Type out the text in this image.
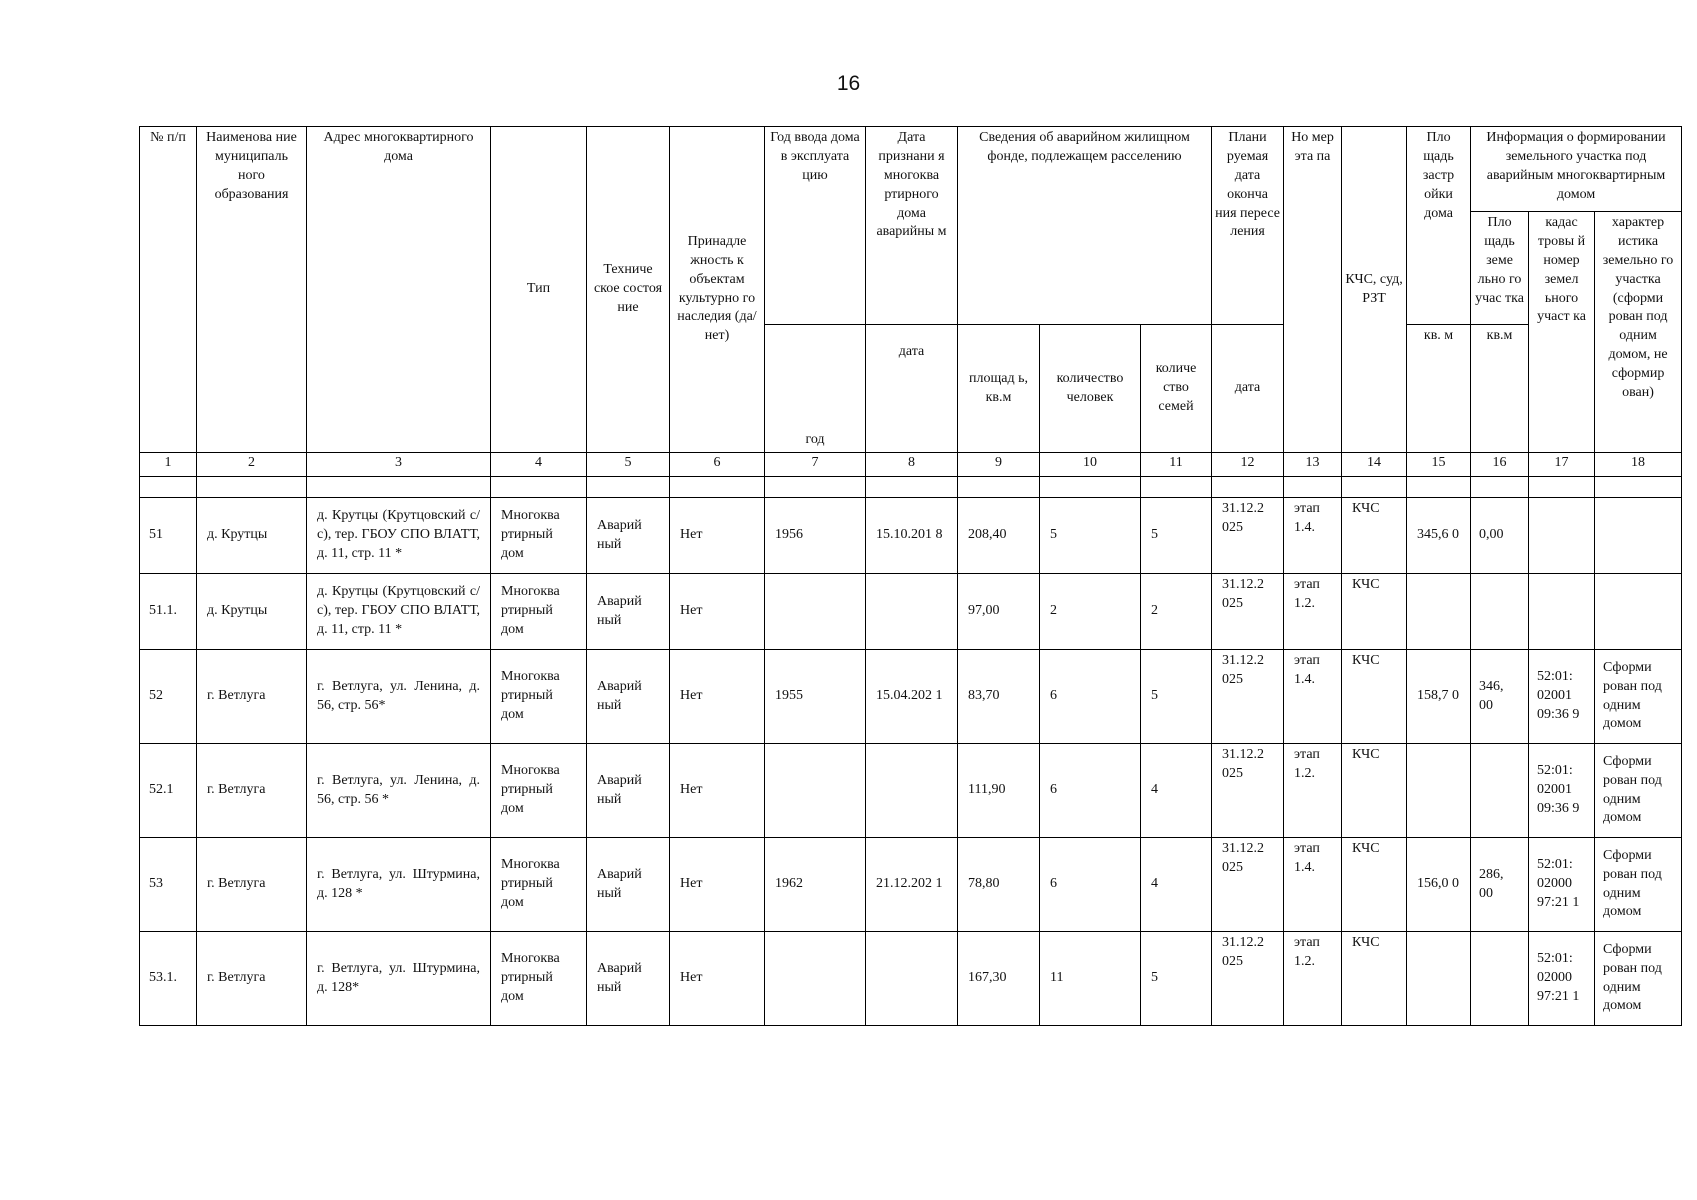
16
№ п/п	Наименова ние муниципаль ного образования	Адрес многоквартирного дома	Тип	Техниче ское состоя ние	Принадле жность к объектам культурно го наследия (да/нет)	Год ввода дома в эксплуата цию	Дата признани я многоква ртирного дома аварийны м	Сведения об аварийном жилищном фонде, подлежащем расселению			Плани руемая дата оконча ния пересе ления	Но мер эта па	КЧС, суд, РЗТ	Пло щадь застр ойки дома	Информация о формировании земельного участка под аварийным многоквартирным домом		
															Пло щадь земе льно го учас тка	кадас тровы й номер земел ьного участ ка	характер истика земельно го участка (сформи рован под одним домом, не сформир ован)
						год	дата	площад ь, кв.м	количество человек	количе ство семей	дата			кв. м	кв.м		
1	2	3	4	5	6	7	8	9	10	11	12	13	14	15	16	17	18

51	д. Крутцы	д. Крутцы (Крутцовский с/с), тер. ГБОУ СПО ВЛАТТ, д. 11, стр. 11 *	Многоква ртирный дом	Аварий ный	Нет	1956	15.10.201 8	208,40	5	5	31.12.2 025	этап 1.4.	КЧС	345,6 0	0,00		
51.1.	д. Крутцы	д. Крутцы (Крутцовский с/с), тер. ГБОУ СПО ВЛАТТ, д. 11, стр. 11 *	Многоква ртирный дом	Аварий ный	Нет			97,00	2	2	31.12.2 025	этап 1.2.	КЧС				
52	г. Ветлуга	г. Ветлуга, ул. Ленина, д. 56, стр. 56*	Многоква ртирный дом	Аварий ный	Нет	1955	15.04.202 1	83,70	6	5	31.12.2 025	этап 1.4.	КЧС	158,7 0	346, 00	52:01: 02001 09:36 9	Сформи рован под одним домом
52.1	г. Ветлуга	г. Ветлуга, ул. Ленина, д. 56, стр. 56 *	Многоква ртирный дом	Аварий ный	Нет			111,90	6	4	31.12.2 025	этап 1.2.	КЧС			52:01: 02001 09:36 9	Сформи рован под одним домом
53	г. Ветлуга	г. Ветлуга, ул. Штурмина, д. 128 *	Многоква ртирный дом	Аварий ный	Нет	1962	21.12.202 1	78,80	6	4	31.12.2 025	этап 1.4.	КЧС	156,0 0	286, 00	52:01: 02000 97:21 1	Сформи рован под одним домом
53.1.	г. Ветлуга	г. Ветлуга, ул. Штурмина, д. 128*	Многоква ртирный дом	Аварий ный	Нет			167,30	11	5	31.12.2 025	этап 1.2.	КЧС			52:01: 02000 97:21 1	Сформи рован под одним домом
